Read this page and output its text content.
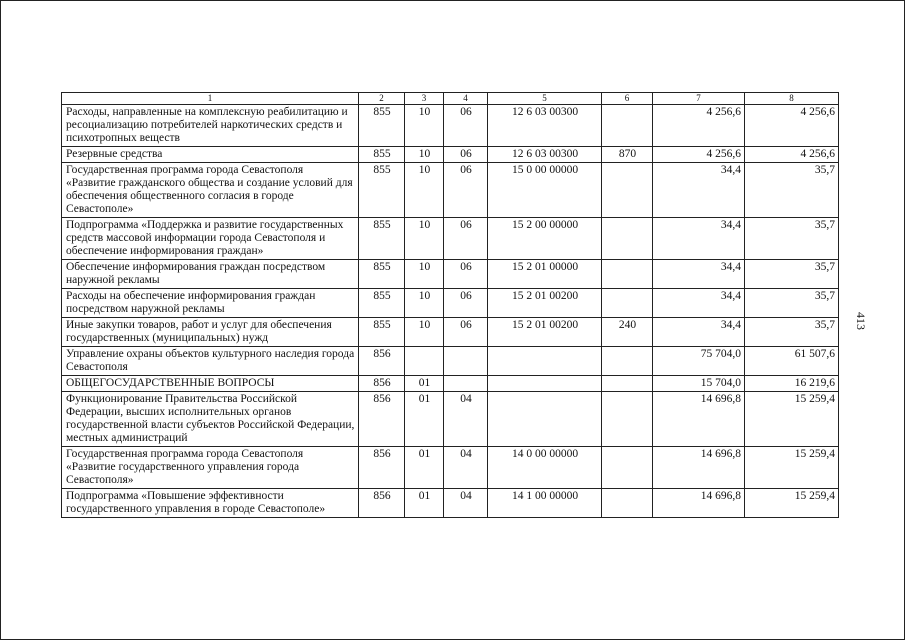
1	2	3	4	5	6	7	8
Расходы, направленные на комплексную реабилитацию и ресоциализацию потребителей наркотических средств и психотропных веществ	855	10	06	12 6 03 00300		4 256,6	4 256,6
Резервные средства	855	10	06	12 6 03 00300	870	4 256,6	4 256,6
Государственная программа города Севастополя «Развитие гражданского общества и создание условий для обеспечения общественного согласия в городе Севастополе»	855	10	06	15 0 00 00000		34,4	35,7
Подпрограмма «Поддержка и развитие государственных средств массовой информации города Севастополя и обеспечение информирования граждан»	855	10	06	15 2 00 00000		34,4	35,7
Обеспечение информирования граждан посредством наружной рекламы	855	10	06	15 2 01 00000		34,4	35,7
Расходы на обеспечение информирования граждан посредством наружной рекламы	855	10	06	15 2 01 00200		34,4	35,7
Иные закупки товаров, работ и услуг для обеспечения государственных (муниципальных) нужд	855	10	06	15 2 01 00200	240	34,4	35,7
Управление охраны объектов культурного наследия города Севастополя	856					75 704,0	61 507,6
ОБЩЕГОСУДАРСТВЕННЫЕ ВОПРОСЫ	856	01				15 704,0	16 219,6
Функционирование Правительства Российской Федерации, высших исполнительных органов государственной власти субъектов Российской Федерации, местных администраций	856	01	04			14 696,8	15 259,4
Государственная программа города Севастополя «Развитие государственного управления города Севастополя»	856	01	04	14 0 00 00000		14 696,8	15 259,4
Подпрограмма «Повышение эффективности государственного управления в городе Севастополе»	856	01	04	14 1 00 00000		14 696,8	15 259,4
413
